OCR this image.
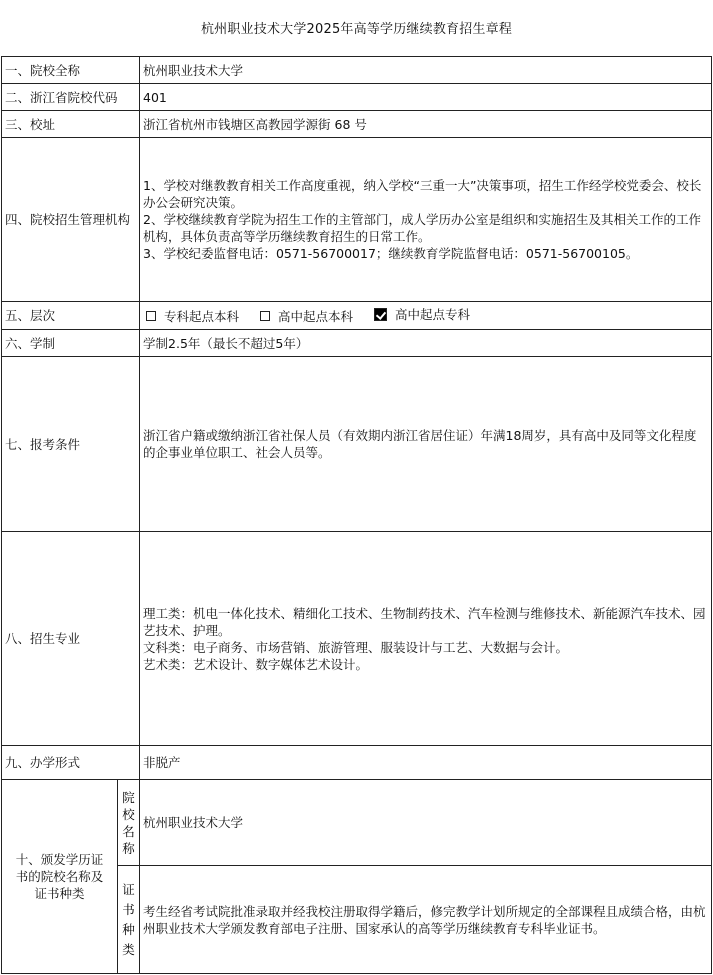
杭州职业技术大学2025年高等学历继续教育招生章程
一、院校全称		杭州职业技术大学
二、浙江省院校代码		401
三、校址		浙江省杭州市钱塘区高教园学源街 68 号
四、院校招生管理机构		1、学校对继教教育相关工作高度重视，纳入学校“三重一大”决策事项，招生工作经学校党委会、校长办公会研究决策。
2、学校继续教育学院为招生工作的主管部门，成人学历办公室是组织和实施招生及其相关工作的工作机构，具体负责高等学历继续教育招生的日常工作。
3、学校纪委监督电话：0571-56700017；继续教育学院监督电话：0571-56700105。

五、层次		专科起点本科
高中起点本科
高中起点专科

六、学制		学制2.5年（最长不超过5年）
七、报考条件		浙江省户籍或缴纳浙江省社保人员（有效期内浙江省居住证）年满18周岁，具有高中及同等文化程度的企事业单位职工、社会人员等。
八、招生专业		理工类：机电一体化技术、精细化工技术、生物制药技术、汽车检测与维修技术、新能源汽车技术、园艺技术、护理。
文科类：电子商务、市场营销、旅游管理、服装设计与工艺、大数据与会计。
艺术类：艺术设计、数字媒体艺术设计。

九、办学形式		非脱产
十、颁发学历证书的院校名称及证书种类	院校名称	杭州职业技术大学
	证书种类	考生经省考试院批准录取并经我校注册取得学籍后，修完教学计划所规定的全部课程且成绩合格，由杭州职业技术大学颁发教育部电子注册、国家承认的高等学历继续教育专科毕业证书。
